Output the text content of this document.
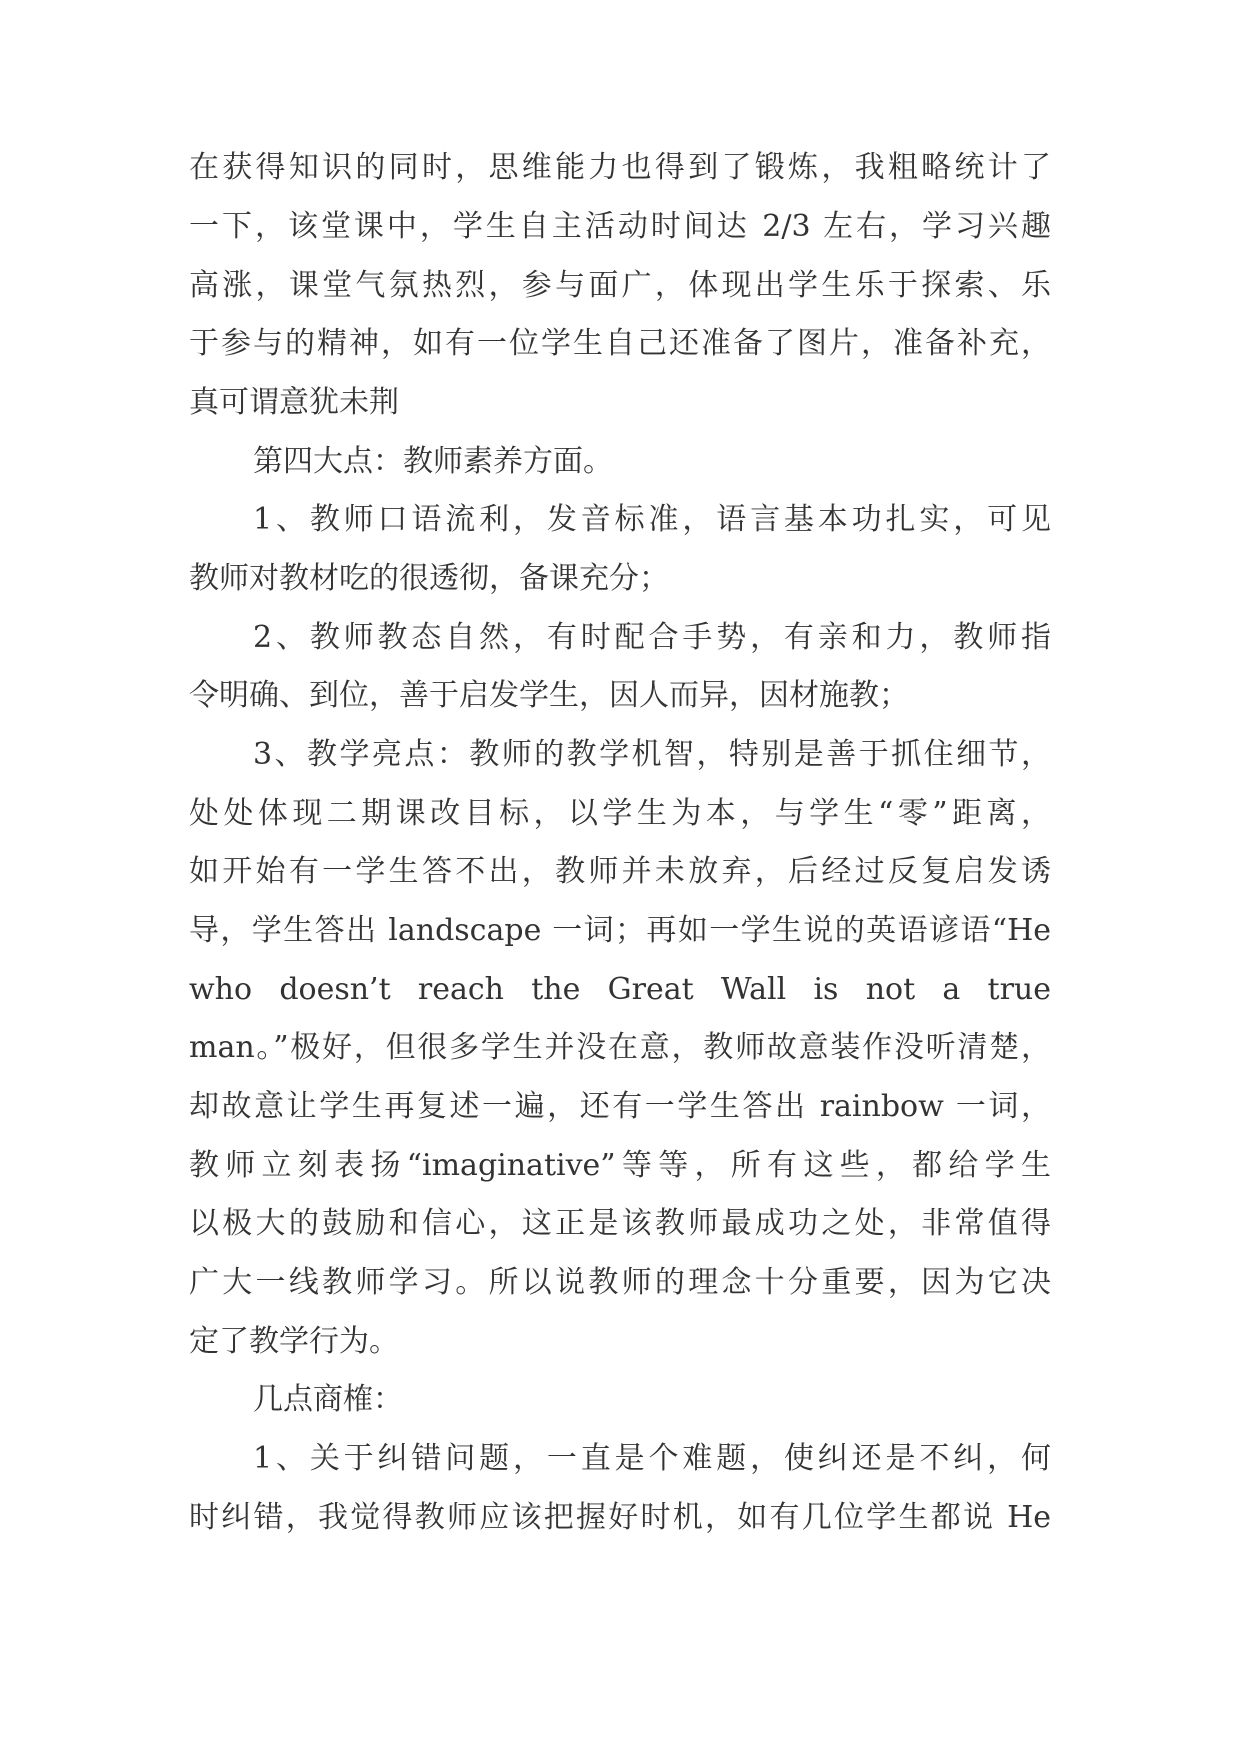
在获得知识的同时，思维能力也得到了锻炼，我粗略统计了

一下，该堂课中，学生自主活动时间达 2/3 左右，学习兴趣

高涨，课堂气氛热烈，参与面广，体现出学生乐于探索、乐

于参与的精神，如有一位学生自己还准备了图片，准备补充，

真可谓意犹未荆

第四大点：教师素养方面。

1、教师口语流利，发音标准，语言基本功扎实，可见

教师对教材吃的很透彻，备课充分；

2、教师教态自然，有时配合手势，有亲和力，教师指

令明确、到位，善于启发学生，因人而异，因材施教；

3、教学亮点：教师的教学机智，特别是善于抓住细节，

处处体现二期课改目标，以学生为本，与学生“零”距离，

如开始有一学生答不出，教师并未放弃，后经过反复启发诱

导，学生答出 landscape 一词；再如一学生说的英语谚语“He

who doesn’t reach the Great Wall is not a true

man。”极好，但很多学生并没在意，教师故意装作没听清楚，

却故意让学生再复述一遍，还有一学生答出 rainbow 一词，

教师立刻表扬“imaginative”等等，所有这些，都给学生

以极大的鼓励和信心，这正是该教师最成功之处，非常值得

广大一线教师学习。所以说教师的理念十分重要，因为它决

定了教学行为。

几点商榷：

1、关于纠错问题，一直是个难题，使纠还是不纠，何

时纠错，我觉得教师应该把握好时机，如有几位学生都说 He
